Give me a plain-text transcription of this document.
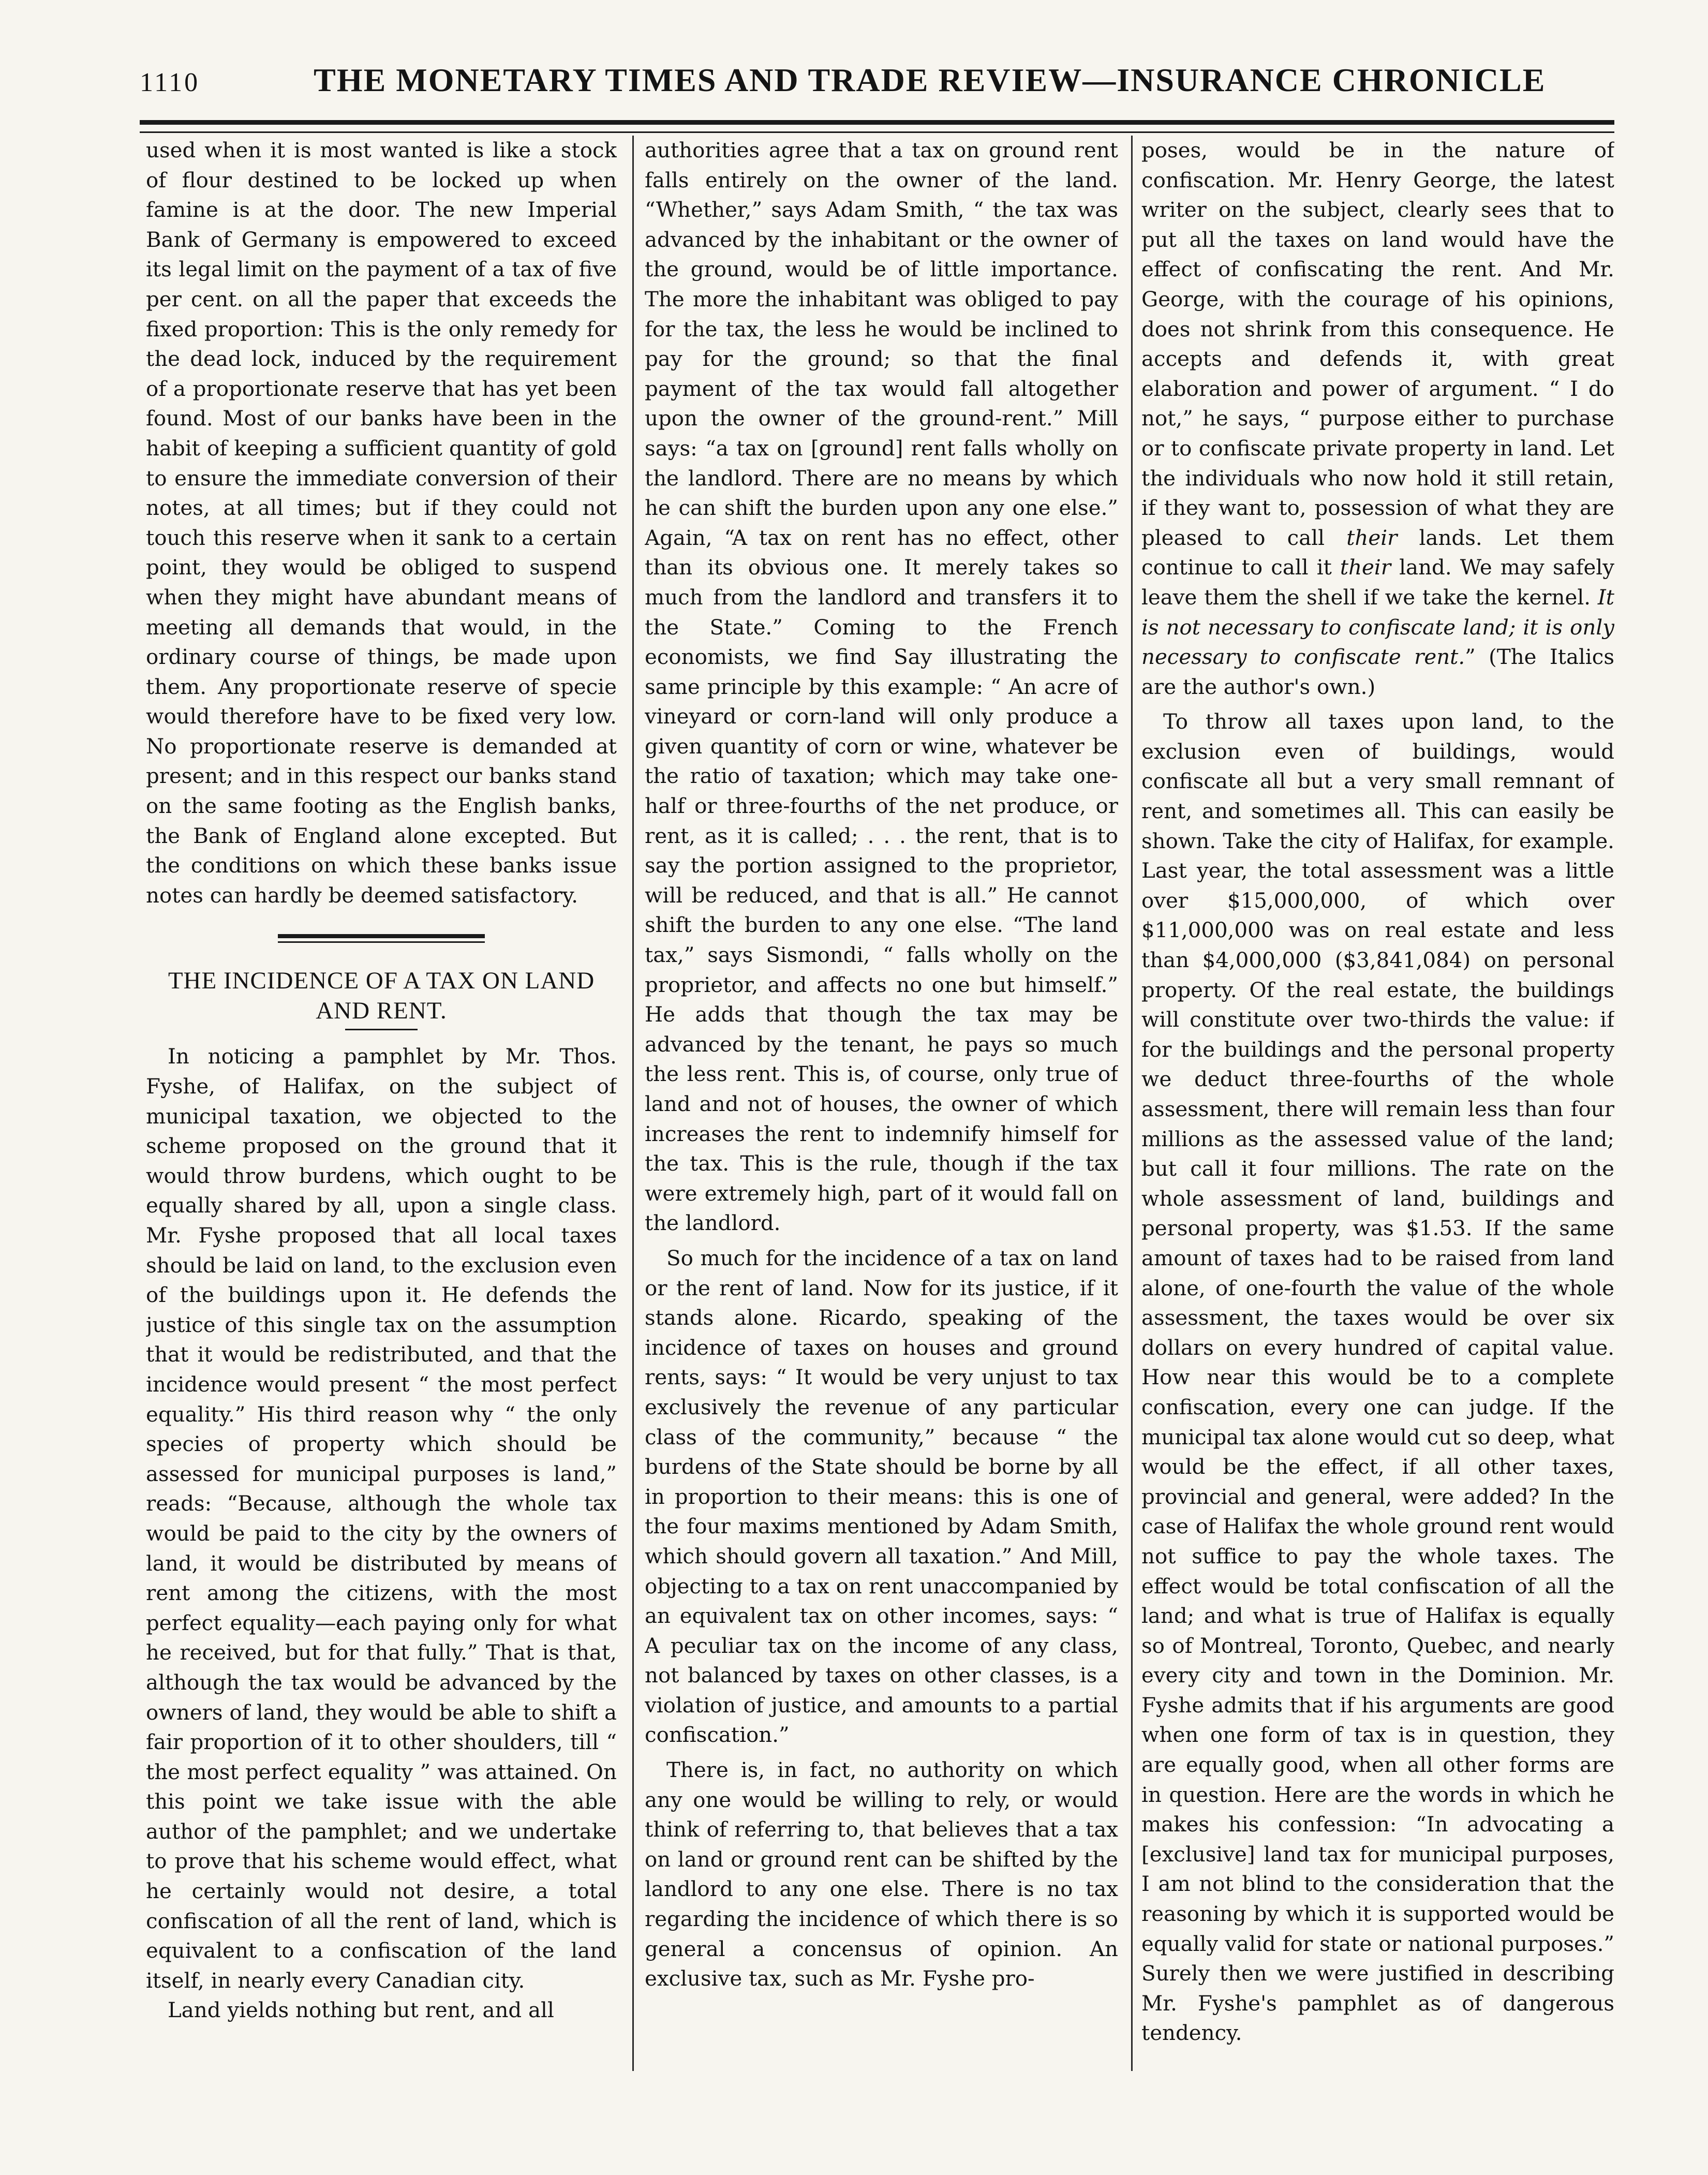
1110	THE MONETARY TIMES AND TRADE REVIEW—INSURANCE CHRONICLE

used when it is most wanted is like a stock of flour destined to be locked up when famine is at the door. The new Imperial Bank of Germany is empowered to exceed its legal limit on the payment of a tax of five per cent. on all the paper that exceeds the fixed proportion: This is the only remedy for the dead lock, induced by the requirement of a proportionate reserve that has yet been found. Most of our banks have been in the habit of keeping a sufficient quantity of gold to ensure the immediate conversion of their notes, at all times; but if they could not touch this reserve when it sank to a certain point, they would be obliged to suspend when they might have abundant means of meeting all demands that would, in the ordinary course of things, be made upon them. Any proportionate reserve of specie would therefore have to be fixed very low. No proportionate reserve is demanded at present; and in this respect our banks stand on the same footing as the English banks, the Bank of England alone excepted. But the conditions on which these banks issue notes can hardly be deemed satisfactory.

THE INCIDENCE OF A TAX ON LAND AND RENT.

In noticing a pamphlet by Mr. Thos. Fyshe, of Halifax, on the subject of municipal taxation, we objected to the scheme proposed on the ground that it would throw burdens, which ought to be equally shared by all, upon a single class. Mr. Fyshe proposed that all local taxes should be laid on land, to the exclusion even of the buildings upon it. He defends the justice of this single tax on the assumption that it would be redistributed, and that the incidence would present “ the most perfect equality.” His third reason why “ the only species of property which should be assessed for municipal purposes is land,” reads: “Because, although the whole tax would be paid to the city by the owners of land, it would be distributed by means of rent among the citizens, with the most perfect equality—each paying only for what he received, but for that fully.” That is that, although the tax would be advanced by the owners of land, they would be able to shift a fair proportion of it to other shoulders, till “ the most perfect equality ” was attained. On this point we take issue with the able author of the pamphlet; and we undertake to prove that his scheme would effect, what he certainly would not desire, a total confiscation of all the rent of land, which is equivalent to a confiscation of the land itself, in nearly every Canadian city.

Land yields nothing but rent, and all

authorities agree that a tax on ground rent falls entirely on the owner of the land. “Whether,” says Adam Smith, “ the tax was advanced by the inhabitant or the owner of the ground, would be of little importance. The more the inhabitant was obliged to pay for the tax, the less he would be inclined to pay for the ground; so that the final payment of the tax would fall altogether upon the owner of the ground-rent.” Mill says: “a tax on [ground] rent falls wholly on the landlord. There are no means by which he can shift the burden upon any one else.” Again, “A tax on rent has no effect, other than its obvious one. It merely takes so much from the landlord and transfers it to the State.” Coming to the French economists, we find Say illustrating the same principle by this example: “ An acre of vineyard or corn-land will only produce a given quantity of corn or wine, whatever be the ratio of taxation; which may take one-half or three-fourths of the net produce, or rent, as it is called; . . . the rent, that is to say the portion assigned to the proprietor, will be reduced, and that is all.” He cannot shift the burden to any one else. “The land tax,” says Sismondi, “ falls wholly on the proprietor, and affects no one but himself.” He adds that though the tax may be advanced by the tenant, he pays so much the less rent. This is, of course, only true of land and not of houses, the owner of which increases the rent to indemnify himself for the tax. This is the rule, though if the tax were extremely high, part of it would fall on the landlord.

So much for the incidence of a tax on land or the rent of land. Now for its justice, if it stands alone. Ricardo, speaking of the incidence of taxes on houses and ground rents, says: “ It would be very unjust to tax exclusively the revenue of any particular class of the community,” because “ the burdens of the State should be borne by all in proportion to their means: this is one of the four maxims mentioned by Adam Smith, which should govern all taxation.” And Mill, objecting to a tax on rent unaccompanied by an equivalent tax on other incomes, says: “ A peculiar tax on the income of any class, not balanced by taxes on other classes, is a violation of justice, and amounts to a partial confiscation.”

There is, in fact, no authority on which any one would be willing to rely, or would think of referring to, that believes that a tax on land or ground rent can be shifted by the landlord to any one else. There is no tax regarding the incidence of which there is so general a concensus of opinion. An exclusive tax, such as Mr. Fyshe pro-

poses, would be in the nature of confiscation. Mr. Henry George, the latest writer on the subject, clearly sees that to put all the taxes on land would have the effect of confiscating the rent. And Mr. George, with the courage of his opinions, does not shrink from this consequence. He accepts and defends it, with great elaboration and power of argument. “ I do not,” he says, “ purpose either to purchase or to confiscate private property in land. Let the individuals who now hold it still retain, if they want to, possession of what they are pleased to call their lands. Let them continue to call it their land. We may safely leave them the shell if we take the kernel. It is not necessary to confiscate land; it is only necessary to confiscate rent.” (The Italics are the author's own.)

To throw all taxes upon land, to the exclusion even of buildings, would confiscate all but a very small remnant of rent, and sometimes all. This can easily be shown. Take the city of Halifax, for example. Last year, the total assessment was a little over $15,000,000, of which over $11,000,000 was on real estate and less than $4,000,000 ($3,841,084) on personal property. Of the real estate, the buildings will constitute over two-thirds the value: if for the buildings and the personal property we deduct three-fourths of the whole assessment, there will remain less than four millions as the assessed value of the land; but call it four millions. The rate on the whole assessment of land, buildings and personal property, was $1.53. If the same amount of taxes had to be raised from land alone, of one-fourth the value of the whole assessment, the taxes would be over six dollars on every hundred of capital value. How near this would be to a complete confiscation, every one can judge. If the municipal tax alone would cut so deep, what would be the effect, if all other taxes, provincial and general, were added? In the case of Halifax the whole ground rent would not suffice to pay the whole taxes. The effect would be total confiscation of all the land; and what is true of Halifax is equally so of Montreal, Toronto, Quebec, and nearly every city and town in the Dominion. Mr. Fyshe admits that if his arguments are good when one form of tax is in question, they are equally good, when all other forms are in question. Here are the words in which he makes his confession: “In advocating a [exclusive] land tax for municipal purposes, I am not blind to the consideration that the reasoning by which it is supported would be equally valid for state or national purposes.” Surely then we were justified in describing Mr. Fyshe's pamphlet as of dangerous tendency.
